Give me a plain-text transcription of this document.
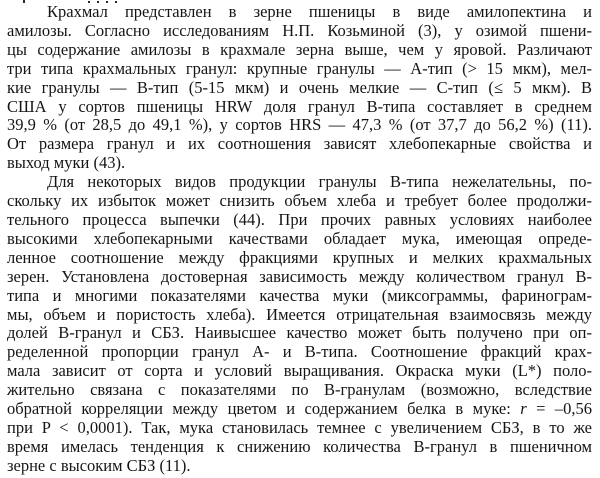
Крахмал представлен в зерне пшеницы в виде амилопектина и
амилозы. Согласно исследованиям Н.П. Козьминой (3), у озимой пшени-
цы содержание амилозы в крахмале зерна выше, чем у яровой. Различают
три типа крахмальных гранул: крупные гранулы — А-тип (> 15 мкм), мел-
кие гранулы — В-тип (5-15 мкм) и очень мелкие — С-тип (≤ 5 мкм). В
США у сортов пшеницы HRW доля гранул В-типа составляет в среднем
39,9 % (от 28,5 до 49,1 %), у сортов HRS — 47,3 % (от 37,7 до 56,2 %) (11).
От размера гранул и их соотношения зависят хлебопекарные свойства и
выход муки (43).

Для некоторых видов продукции гранулы В-типа нежелательны, по-
скольку их избыток может снизить объем хлеба и требует более продолжи-
тельного процесса выпечки (44). При прочих равных условиях наиболее
высокими хлебопекарными качествами обладает мука, имеющая опреде-
ленное соотношение между фракциями крупных и мелких крахмальных
зерен. Установлена достоверная зависимость между количеством гранул В-
типа и многими показателями качества муки (миксограммы, фаринограм-
мы, объем и пористость хлеба). Имеется отрицательная взаимосвязь между
долей В-гранул и СБЗ. Наивысшее качество может быть получено при оп-
ределенной пропорции гранул А- и В-типа. Соотношение фракций крах-
мала зависит от сорта и условий выращивания. Окраска муки (L*) поло-
жительно связана с показателями по В-гранулам (возможно, вследствие
обратной корреляции между цветом и содержанием белка в муке: r = –0,56
при P < 0,0001). Так, мука становилась темнее с увеличением СБЗ, в то же
время имелась тенденция к снижению количества В-гранул в пшеничном
зерне с высоким СБЗ (11).
